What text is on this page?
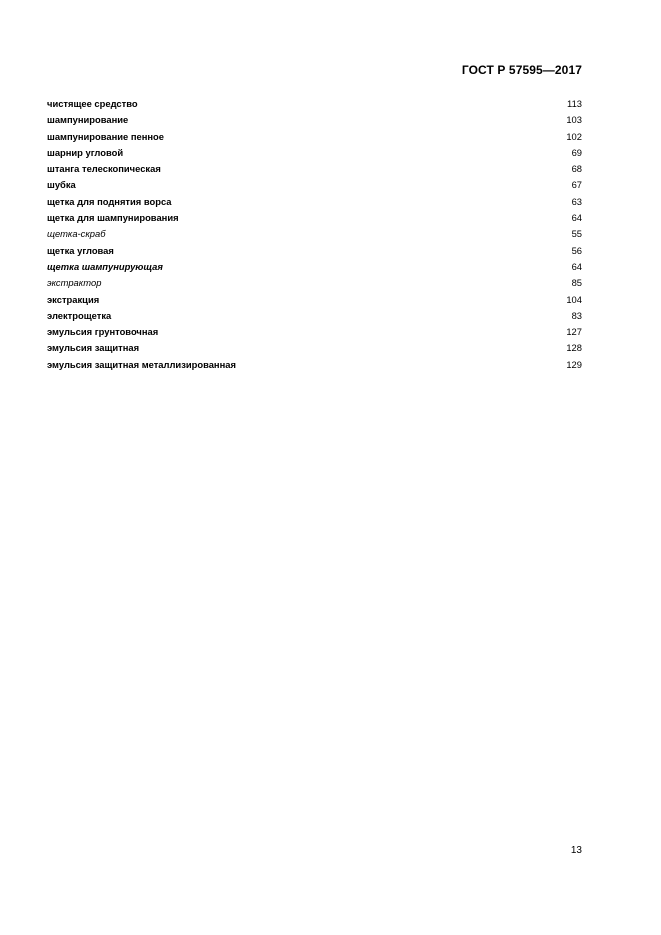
ГОСТ Р 57595—2017
чистящее средство	113
шампунирование	103
шампунирование пенное	102
шарнир угловой	69
штанга телескопическая	68
шубка	67
щетка для поднятия ворса	63
щетка для шампунирования	64
щетка-скраб	55
щетка угловая	56
щетка шампунирующая	64
экстрактор	85
экстракция	104
электрощетка	83
эмульсия грунтовочная	127
эмульсия защитная	128
эмульсия защитная металлизированная	129
13
